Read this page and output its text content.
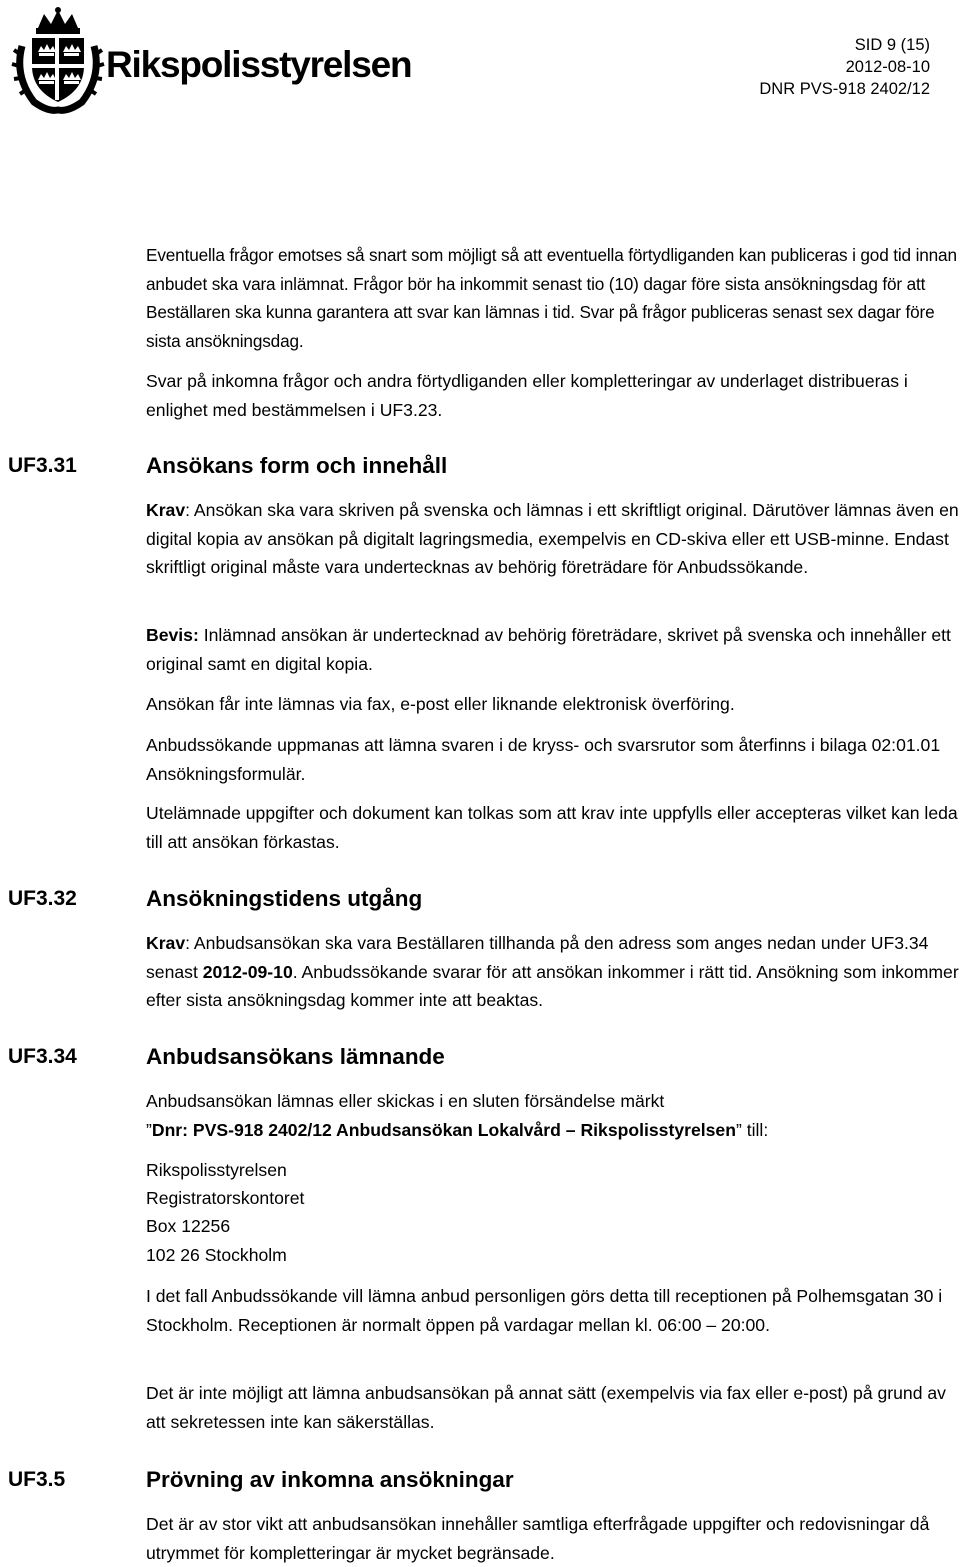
Rikspolisstyrelsen	SID 9 (15)
2012-08-10
DNR PVS-918 2402/12

Eventuella frågor emotses så snart som möjligt så att eventuella förtydliganden kan publiceras i god tid innan anbudet ska vara inlämnat. Frågor bör ha inkommit senast tio (10) dagar före sista ansökningsdag för att Beställaren ska kunna garantera att svar kan lämnas i tid. Svar på frågor publiceras senast sex dagar före sista ansökningsdag.

Svar på inkomna frågor och andra förtydliganden eller kompletteringar av underlaget distribueras i enlighet med bestämmelsen i UF3.23.

UF3.31	Ansökans form och innehåll

Krav: Ansökan ska vara skriven på svenska och lämnas i ett skriftligt original. Därutöver lämnas även en digital kopia av ansökan på digitalt lagringsmedia, exempelvis en CD-skiva eller ett USB-minne. Endast skriftligt original måste vara undertecknas av behörig företrädare för Anbudssökande.

Bevis: Inlämnad ansökan är undertecknad av behörig företrädare, skrivet på svenska och innehåller ett original samt en digital kopia.

Ansökan får inte lämnas via fax, e-post eller liknande elektronisk överföring.

Anbudssökande uppmanas att lämna svaren i de kryss- och svarsrutor som återfinns i bilaga 02:01.01 Ansökningsformulär.

Utelämnade uppgifter och dokument kan tolkas som att krav inte uppfylls eller accepteras vilket kan leda till att ansökan förkastas.

UF3.32	Ansökningstidens utgång

Krav: Anbudsansökan ska vara Beställaren tillhanda på den adress som anges nedan under UF3.34 senast 2012-09-10. Anbudssökande svarar för att ansökan inkommer i rätt tid. Ansökning som inkommer efter sista ansökningsdag kommer inte att beaktas.

UF3.34	Anbudsansökans lämnande

Anbudsansökan lämnas eller skickas i en sluten försändelse märkt
”Dnr: PVS-918 2402/12 Anbudsansökan Lokalvård – Rikspolisstyrelsen” till:

Rikspolisstyrelsen
Registratorskontoret
Box 12256
102 26 Stockholm

I det fall Anbudssökande vill lämna anbud personligen görs detta till receptionen på Polhemsgatan 30 i Stockholm. Receptionen är normalt öppen på vardagar mellan kl. 06:00 – 20:00.

Det är inte möjligt att lämna anbudsansökan på annat sätt (exempelvis via fax eller e-post) på grund av att sekretessen inte kan säkerställas.

UF3.5	Prövning av inkomna ansökningar

Det är av stor vikt att anbudsansökan innehåller samtliga efterfrågade uppgifter och redovisningar då utrymmet för kompletteringar är mycket begränsade.
